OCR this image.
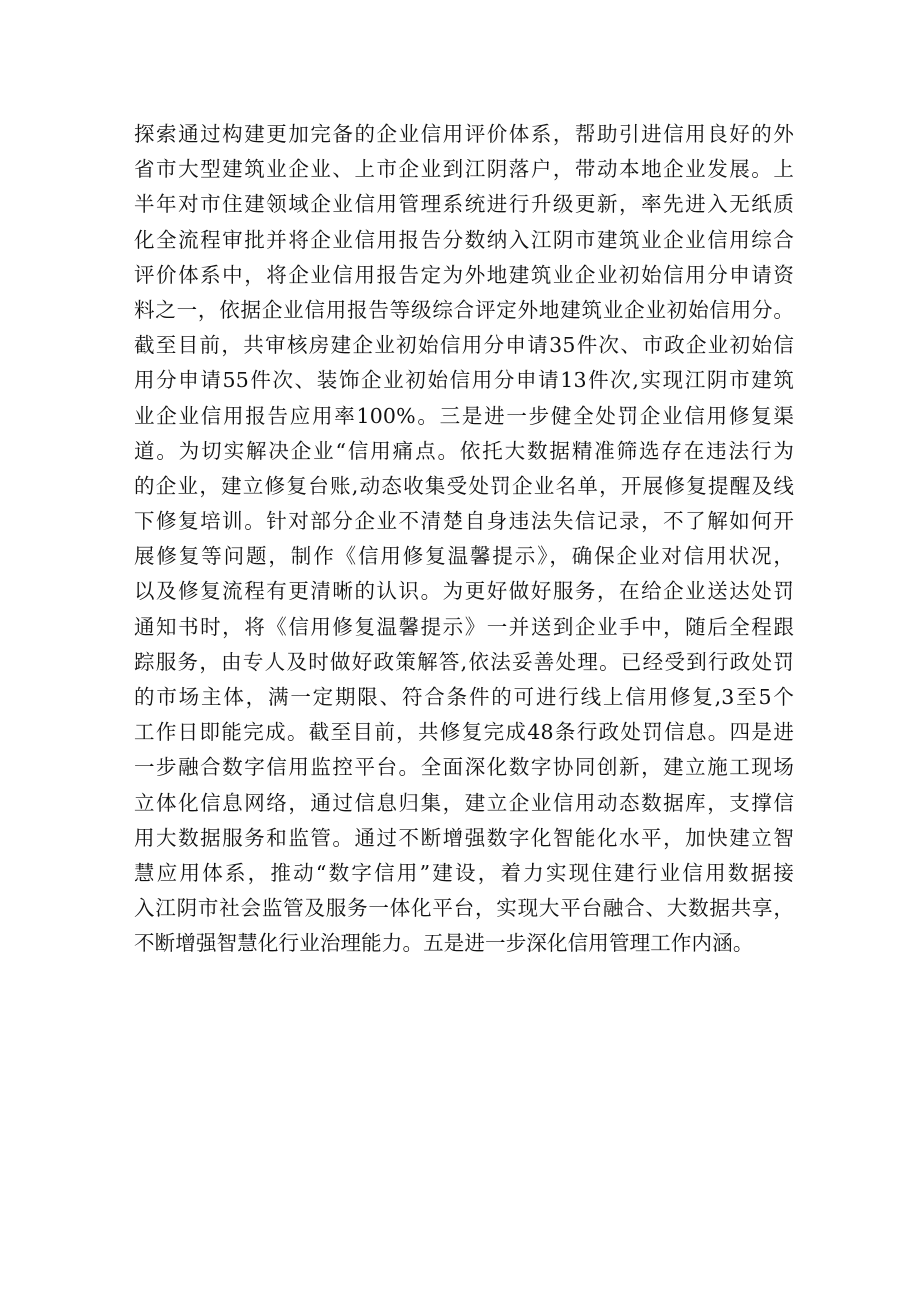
探索通过构建更加完备的企业信用评价体系，帮助引进信用良好的外
省市大型建筑业企业、上市企业到江阴落户，带动本地企业发展。上
半年对市住建领域企业信用管理系统进行升级更新，率先进入无纸质
化全流程审批并将企业信用报告分数纳入江阴市建筑业企业信用综合
评价体系中，将企业信用报告定为外地建筑业企业初始信用分申请资
料之一，依据企业信用报告等级综合评定外地建筑业企业初始信用分。
截至目前，共审核房建企业初始信用分申请35件次、市政企业初始信
用分申请55件次、装饰企业初始信用分申请13件次,实现江阴市建筑
业企业信用报告应用率100%。三是进一步健全处罚企业信用修复渠
道。为切实解决企业“信用痛点。依托大数据精准筛选存在违法行为
的企业，建立修复台账,动态收集受处罚企业名单，开展修复提醒及线
下修复培训。针对部分企业不清楚自身违法失信记录，不了解如何开
展修复等问题，制作《信用修复温馨提示》，确保企业对信用状况，
以及修复流程有更清晰的认识。为更好做好服务，在给企业送达处罚
通知书时，将《信用修复温馨提示》一并送到企业手中，随后全程跟
踪服务，由专人及时做好政策解答,依法妥善处理。已经受到行政处罚
的市场主体，满一定期限、符合条件的可进行线上信用修复,3至5个
工作日即能完成。截至目前，共修复完成48条行政处罚信息。四是进
一步融合数字信用监控平台。全面深化数字协同创新，建立施工现场
立体化信息网络，通过信息归集，建立企业信用动态数据库，支撑信
用大数据服务和监管。通过不断增强数字化智能化水平，加快建立智
慧应用体系，推动“数字信用”建设，着力实现住建行业信用数据接
入江阴市社会监管及服务一体化平台，实现大平台融合、大数据共享，
不断增强智慧化行业治理能力。五是进一步深化信用管理工作内涵。
